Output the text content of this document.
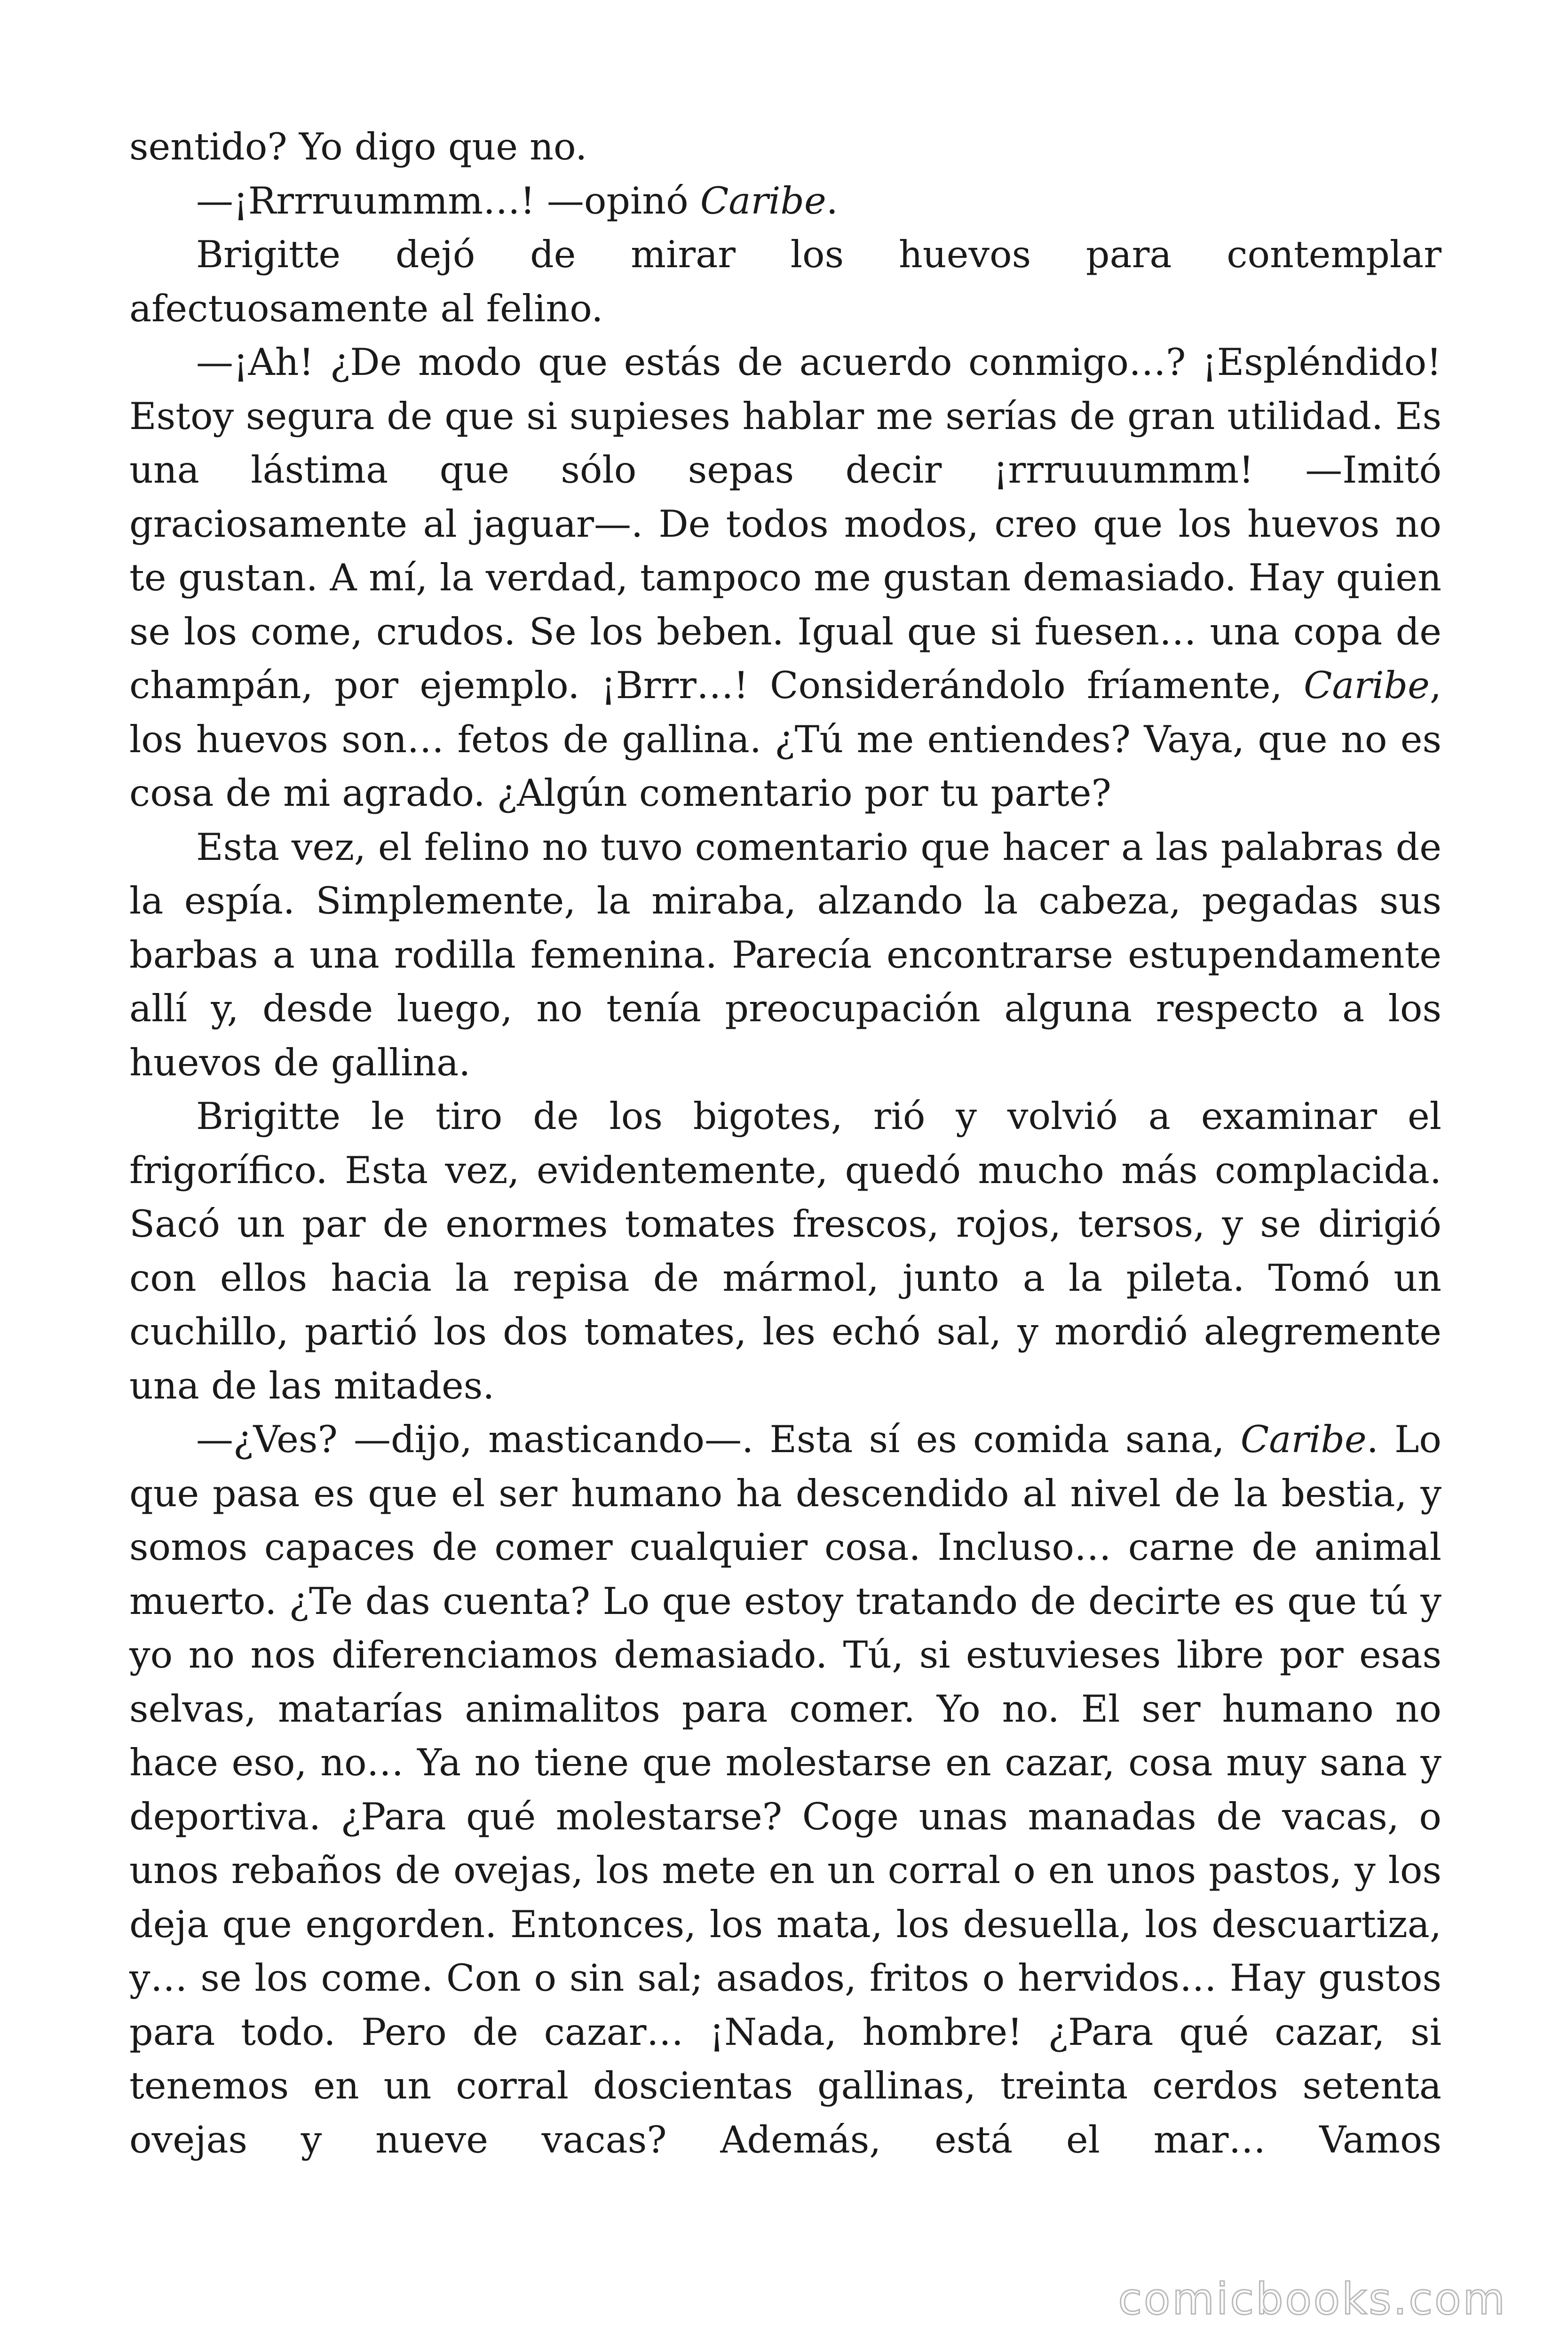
sentido? Yo digo que no.

—¡Rrrruummm…! —opinó Caribe.

Brigitte dejó de mirar los huevos para contemplar afectuosamente al felino.

—¡Ah! ¿De modo que estás de acuerdo conmigo…? ¡Espléndido! Estoy segura de que si supieses hablar me serías de gran utilidad. Es una lástima que sólo sepas decir ¡rrruuummm! —Imitó graciosamente al jaguar—. De todos modos, creo que los huevos no te gustan. A mí, la verdad, tampoco me gustan demasiado. Hay quien se los come, crudos. Se los beben. Igual que si fuesen… una copa de champán, por ejemplo. ¡Brrr…! Considerándolo fríamente, Caribe, los huevos son… fetos de gallina. ¿Tú me entiendes? Vaya, que no es cosa de mi agrado. ¿Algún comentario por tu parte?

Esta vez, el felino no tuvo comentario que hacer a las palabras de la espía. Simplemente, la miraba, alzando la cabeza, pegadas sus barbas a una rodilla femenina. Parecía encontrarse estupendamente allí y, desde luego, no tenía preocupación alguna respecto a los huevos de gallina.

Brigitte le tiro de los bigotes, rió y volvió a examinar el frigorífico. Esta vez, evidentemente, quedó mucho más complacida. Sacó un par de enormes tomates frescos, rojos, tersos, y se dirigió con ellos hacia la repisa de mármol, junto a la pileta. Tomó un cuchillo, partió los dos tomates, les echó sal, y mordió alegremente una de las mitades.

—¿Ves? —dijo, masticando—. Esta sí es comida sana, Caribe. Lo que pasa es que el ser humano ha descendido al nivel de la bestia, y somos capaces de comer cualquier cosa. Incluso… carne de animal muerto. ¿Te das cuenta? Lo que estoy tratando de decirte es que tú y yo no nos diferenciamos demasiado. Tú, si estuvieses libre por esas selvas, matarías animalitos para comer. Yo no. El ser humano no hace eso, no… Ya no tiene que molestarse en cazar, cosa muy sana y deportiva. ¿Para qué molestarse? Coge unas manadas de vacas, o unos rebaños de ovejas, los mete en un corral o en unos pastos, y los deja que engorden. Entonces, los mata, los desuella, los descuartiza, y… se los come. Con o sin sal; asados, fritos o hervidos… Hay gustos para todo. Pero de cazar… ¡Nada, hombre! ¿Para qué cazar, si tenemos en un corral doscientas gallinas, treinta cerdos setenta ovejas y nueve vacas? Además, está el mar… Vamos

comicbooks.com
